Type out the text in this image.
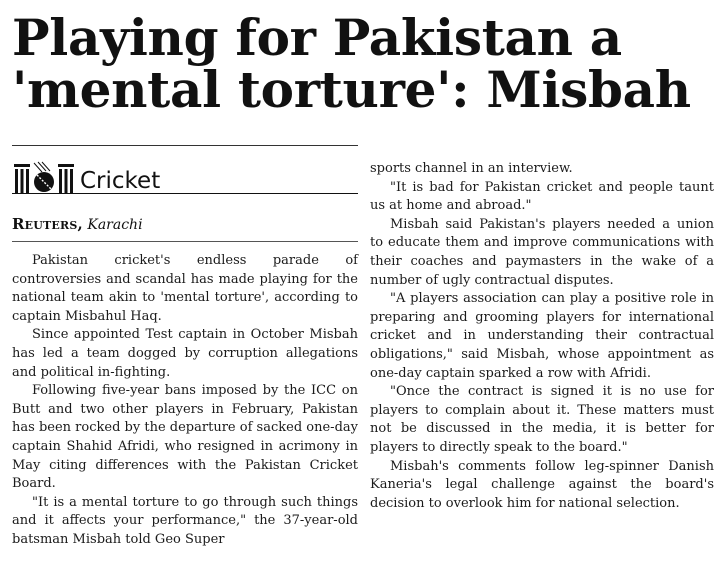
Playing for Pakistan a
'mental torture': Misbah
Cricket
Reuters, Karachi

Pakistan cricket's endless parade of controversies and scandal has made playing for the national team akin to 'mental torture', according to captain Misbahul Haq.

Since appointed Test captain in October Misbah has led a team dogged by corruption allegations and political in-fighting.

Following five-year bans imposed by the ICC on Butt and two other players in February, Pakistan has been rocked by the departure of sacked one-day captain Shahid Afridi, who resigned in acrimony in May citing differences with the Pakistan Cricket Board.

"It is a mental torture to go through such things and it affects your performance," the 37-year-old batsman Misbah told Geo Super

sports channel in an interview.

"It is bad for Pakistan cricket and people taunt us at home and abroad."

Misbah said Pakistan's players needed a union to educate them and improve communications with their coaches and paymasters in the wake of a number of ugly contractual disputes.

"A players association can play a positive role in preparing and grooming players for international cricket and in understanding their contractual obligations," said Misbah, whose appointment as one-day captain sparked a row with Afridi.

"Once the contract is signed it is no use for players to complain about it. These matters must not be discussed in the media, it is better for players to directly speak to the board."

Misbah's comments follow leg-spinner Danish Kaneria's legal challenge against the board's decision to overlook him for national selection.
